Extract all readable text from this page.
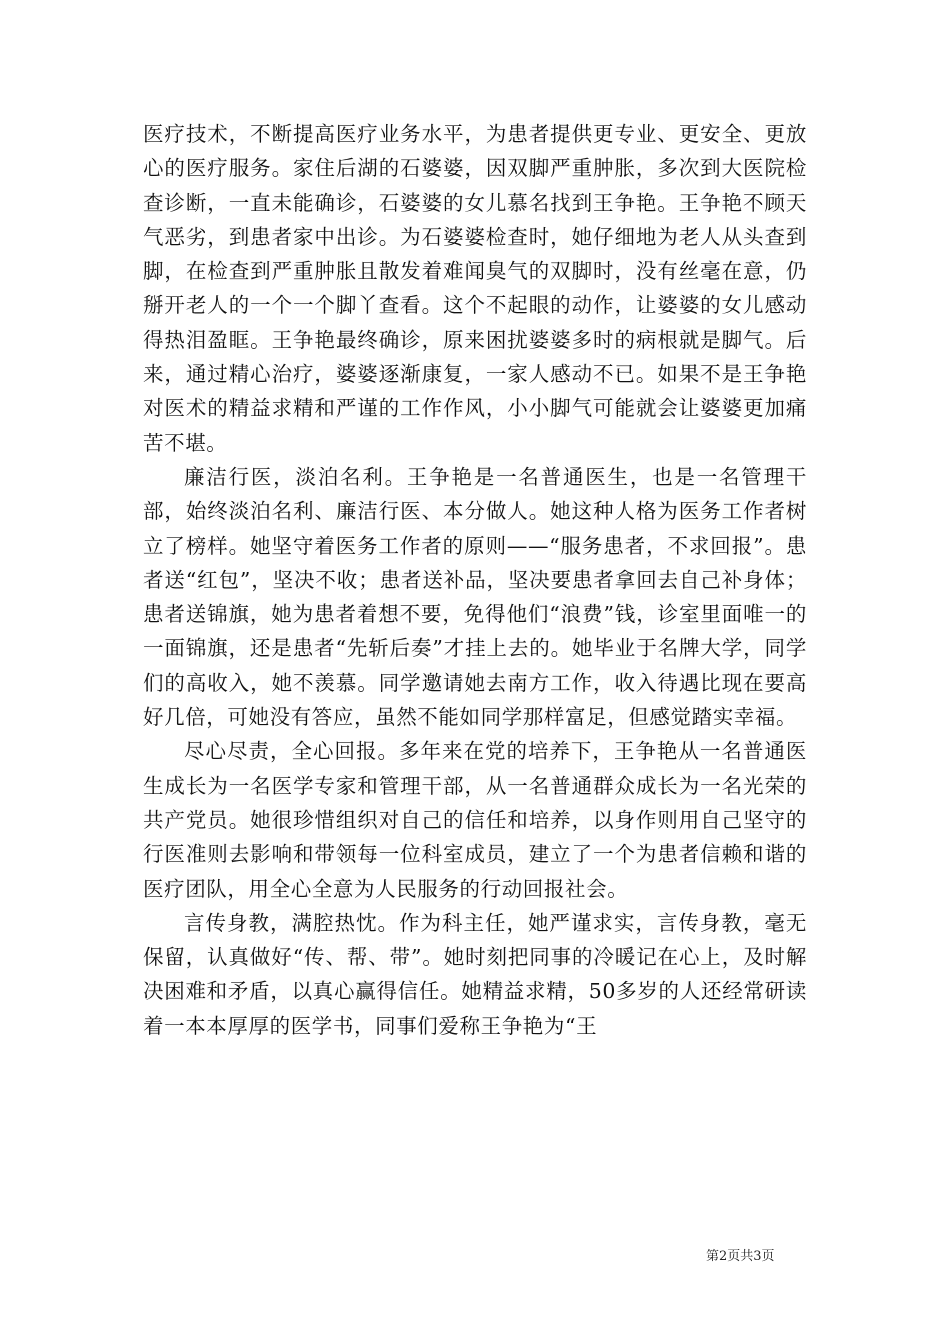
医疗技术，不断提高医疗业务水平，为患者提供更专业、更安全、更放心的医疗服务。家住后湖的石婆婆，因双脚严重肿胀，多次到大医院检查诊断，一直未能确诊，石婆婆的女儿慕名找到王争艳。王争艳不顾天气恶劣，到患者家中出诊。为石婆婆检查时，她仔细地为老人从头查到脚，在检查到严重肿胀且散发着难闻臭气的双脚时，没有丝毫在意，仍掰开老人的一个一个脚丫查看。这个不起眼的动作，让婆婆的女儿感动得热泪盈眶。王争艳最终确诊，原来困扰婆婆多时的病根就是脚气。后来，通过精心治疗，婆婆逐渐康复，一家人感动不已。如果不是王争艳对医术的精益求精和严谨的工作作风，小小脚气可能就会让婆婆更加痛苦不堪。

廉洁行医，淡泊名利。王争艳是一名普通医生，也是一名管理干部，始终淡泊名利、廉洁行医、本分做人。她这种人格为医务工作者树立了榜样。她坚守着医务工作者的原则——“服务患者，不求回报”。患者送“红包”，坚决不收；患者送补品，坚决要患者拿回去自己补身体；患者送锦旗，她为患者着想不要，免得他们“浪费”钱，诊室里面唯一的一面锦旗，还是患者“先斩后奏”才挂上去的。她毕业于名牌大学，同学们的高收入，她不羡慕。同学邀请她去南方工作，收入待遇比现在要高好几倍，可她没有答应，虽然不能如同学那样富足，但感觉踏实幸福。

尽心尽责，全心回报。多年来在党的培养下，王争艳从一名普通医生成长为一名医学专家和管理干部，从一名普通群众成长为一名光荣的共产党员。她很珍惜组织对自己的信任和培养，以身作则用自己坚守的行医准则去影响和带领每一位科室成员，建立了一个为患者信赖和谐的医疗团队，用全心全意为人民服务的行动回报社会。

言传身教，满腔热忱。作为科主任，她严谨求实，言传身教，毫无保留，认真做好“传、帮、带”。她时刻把同事的冷暖记在心上，及时解决困难和矛盾，以真心赢得信任。她精益求精，50多岁的人还经常研读着一本本厚厚的医学书，同事们爱称王争艳为“王

第2页共3页
